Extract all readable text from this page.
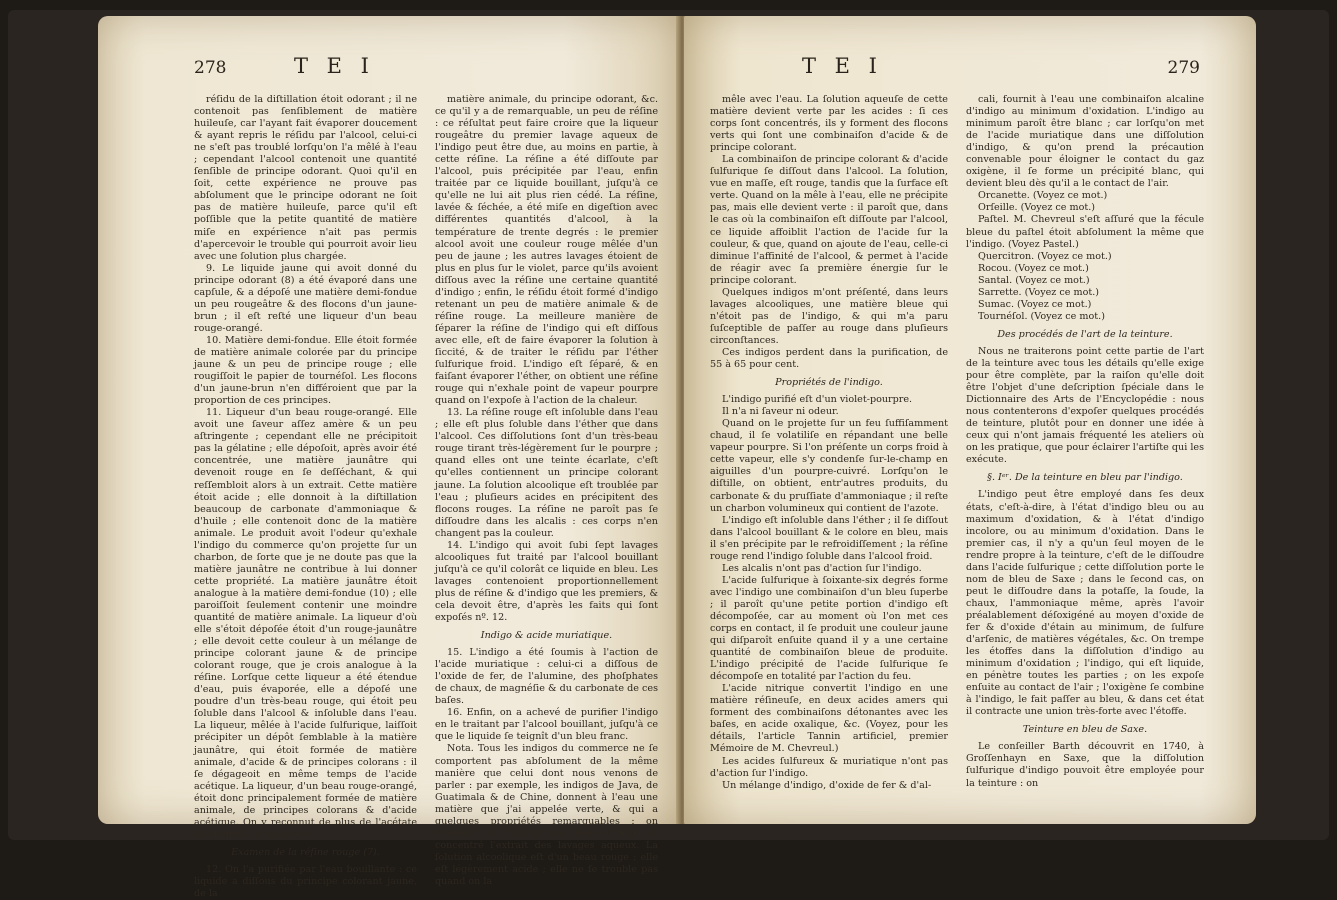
278	T E I

réſidu de la diſtillation étoit odorant ; il ne contenoit pas ſenſiblement de matière huileuſe, car l'ayant fait évaporer doucement & ayant repris le réſidu par l'alcool, celui-ci ne s'eſt pas troublé lorſqu'on l'a mêlé à l'eau ; cependant l'alcool contenoit une quantité ſenſible de principe odorant. Quoi qu'il en ſoit, cette expérience ne prouve pas abſolument que le principe odorant ne ſoit pas de matière huileuſe, parce qu'il eſt poſſible que la petite quantité de matière miſe en expérience n'ait pas permis d'apercevoir le trouble qui pourroit avoir lieu avec une ſolution plus chargée.

9. Le liquide jaune qui avoit donné du principe odorant (8) a été évaporé dans une capſule, & a dépoſé une matière demi-fondue un peu rougeâtre & des flocons d'un jaune-brun ; il eſt reſté une liqueur d'un beau rouge-orangé.

10. Matière demi-fondue. Elle étoit formée de matière animale colorée par du principe jaune & un peu de principe rouge ; elle rougiſſoit le papier de tournéſol. Les flocons d'un jaune-brun n'en différoient que par la proportion de ces principes.

11. Liqueur d'un beau rouge-orangé. Elle avoit une ſaveur aſſez amère & un peu aſtringente ; cependant elle ne précipitoit pas la gélatine ; elle dépoſoit, après avoir été concentrée, une matière jaunâtre qui devenoit rouge en ſe deſſéchant, & qui reſſembloit alors à un extrait. Cette matière étoit acide ; elle donnoit à la diſtillation beaucoup de carbonate d'ammoniaque & d'huile ; elle contenoit donc de la matière animale. Le produit avoit l'odeur qu'exhale l'indigo du commerce qu'on projette ſur un charbon, de ſorte que je ne doute pas que la matière jaunâtre ne contribue à lui donner cette propriété. La matière jaunâtre étoit analogue à la matière demi-fondue (10) ; elle paroiſſoit ſeulement contenir une moindre quantité de matière animale. La liqueur d'où elle s'étoit dépoſée étoit d'un rouge-jaunâtre ; elle devoit cette couleur à un mélange de principe colorant jaune & de principe colorant rouge, que je crois analogue à la réſine. Lorſque cette liqueur a été étendue d'eau, puis évaporée, elle a dépoſé une poudre d'un très-beau rouge, qui étoit peu ſoluble dans l'alcool & inſoluble dans l'eau. La liqueur, mêlée à l'acide ſulfurique, laiſſoit précipiter un dépôt ſemblable à la matière jaunâtre, qui étoit formée de matière animale, d'acide & de principes colorans : il ſe dégageoit en même temps de l'acide acétique. La liqueur, d'un beau rouge-orangé, étoit donc principalement formée de matière animale, de principes colorans & d'acide acétique. On y reconnut de plus de l'acétate de chaux & de magnéſie.

Examen de la réſine rouge (7).

12. On l'a purifiée par l'eau bouillante : ce liquide a diſſous du principe colorant jaune, de la

matière animale, du principe odorant, &c. ce qu'il y a de remarquable, un peu de réſine : ce réſultat peut faire croire que la liqueur rougeâtre du premier lavage aqueux de l'indigo peut être due, au moins en partie, à cette réſine. La réſine a été diſſoute par l'alcool, puis précipitée par l'eau, enfin traitée par ce liquide bouillant, juſqu'à ce qu'elle ne lui ait plus rien cédé. La réſine, lavée & ſéchée, a été miſe en digeſtion avec différentes quantités d'alcool, à la température de trente degrés : le premier alcool avoit une couleur rouge mêlée d'un peu de jaune ; les autres lavages étoient de plus en plus ſur le violet, parce qu'ils avoient diſſous avec la réſine une certaine quantité d'indigo ; enfin, le réſidu étoit formé d'indigo retenant un peu de matière animale & de réſine rouge. La meilleure manière de ſéparer la réſine de l'indigo qui eſt diſſous avec elle, eſt de faire évaporer la ſolution à ſiccité, & de traiter le réſidu par l'éther ſulfurique froid. L'indigo eſt ſéparé, & en faiſant évaporer l'éther, on obtient une réſine rouge qui n'exhale point de vapeur pourpre quand on l'expoſe à l'action de la chaleur.

13. La réſine rouge eſt inſoluble dans l'eau ; elle eſt plus ſoluble dans l'éther que dans l'alcool. Ces diſſolutions ſont d'un très-beau rouge tirant très-légèrement ſur le pourpre ; quand elles ont une teinte écarlate, c'eſt qu'elles contiennent un principe colorant jaune. La ſolution alcoolique eſt troublée par l'eau ; pluſieurs acides en précipitent des flocons rouges. La réſine ne paroît pas ſe diſſoudre dans les alcalis : ces corps n'en changent pas la couleur.

14. L'indigo qui avoit ſubi ſept lavages alcooliques fut traité par l'alcool bouillant juſqu'à ce qu'il colorât ce liquide en bleu. Les lavages contenoient proportionnellement plus de réſine & d'indigo que les premiers, & cela devoit être, d'après les faits qui ſont expoſés nº. 12.

Indigo & acide muriatique.

15. L'indigo a été ſoumis à l'action de l'acide muriatique : celui-ci a diſſous de l'oxide de fer, de l'alumine, des phoſphates de chaux, de magnéſie & du carbonate de ces baſes.

16. Enfin, on a achevé de purifier l'indigo en le traitant par l'alcool bouillant, juſqu'à ce que le liquide ſe teignît d'un bleu franc.

Nota. Tous les indigos du commerce ne ſe comportent pas abſolument de la même manière que celui dont nous venons de parler : par exemple, les indigos de Java, de Guatimala & de Chine, donnent à l'eau une matière que j'ai appelée verte, & qui a quelques propriétés remarquables : on l'obtient en traitant par l'alcool froid & concentré l'extrait des lavages aqueux. La ſolution alcoolique eſt d'un beau rouge ; elle eſt légèrement acide ; elle ne ſe trouble pas quand on la

T E I	279

mêle avec l'eau. La ſolution aqueuſe de cette matière devient verte par les acides : ſi ces corps ſont concentrés, ils y forment des flocons verts qui ſont une combinaiſon d'acide & de principe colorant.

La combinaiſon de principe colorant & d'acide ſulfurique ſe diſſout dans l'alcool. La ſolution, vue en maſſe, eſt rouge, tandis que la ſurface eſt verte. Quand on la mêle à l'eau, elle ne précipite pas, mais elle devient verte : il paroît que, dans le cas où la combinaiſon eſt diſſoute par l'alcool, ce liquide affoiblit l'action de l'acide ſur la couleur, & que, quand on ajoute de l'eau, celle-ci diminue l'affinité de l'alcool, & permet à l'acide de réagir avec ſa première énergie ſur le principe colorant.

Quelques indigos m'ont préſenté, dans leurs lavages alcooliques, une matière bleue qui n'étoit pas de l'indigo, & qui m'a paru ſuſceptible de paſſer au rouge dans pluſieurs circonſtances.

Ces indigos perdent dans la purification, de 55 à 65 pour cent.

Propriétés de l'indigo.

L'indigo purifié eſt d'un violet-pourpre.

Il n'a ni ſaveur ni odeur.

Quand on le projette ſur un feu ſuffiſamment chaud, il ſe volatiliſe en répandant une belle vapeur pourpre. Si l'on préſente un corps froid à cette vapeur, elle s'y condenſe ſur-le-champ en aiguilles d'un pourpre-cuivré. Lorſqu'on le diſtille, on obtient, entr'autres produits, du carbonate & du pruſſiate d'ammoniaque ; il reſte un charbon volumineux qui contient de l'azote.

L'indigo eſt inſoluble dans l'éther ; il ſe diſſout dans l'alcool bouillant & le colore en bleu, mais il s'en précipite par le refroidiſſement ; la réſine rouge rend l'indigo ſoluble dans l'alcool froid.

Les alcalis n'ont pas d'action ſur l'indigo.

L'acide ſulfurique à ſoixante-six degrés forme avec l'indigo une combinaiſon d'un bleu ſuperbe ; il paroît qu'une petite portion d'indigo eſt décompoſée, car au moment où l'on met ces corps en contact, il ſe produit une couleur jaune qui diſparoît enſuite quand il y a une certaine quantité de combinaiſon bleue de produite. L'indigo précipité de l'acide ſulfurique ſe décompoſe en totalité par l'action du feu.

L'acide nitrique convertit l'indigo en une matière réſineuſe, en deux acides amers qui forment des combinaiſons détonantes avec les baſes, en acide oxalique, &c. (Voyez, pour les détails, l'article Tannin artificiel, premier Mémoire de M. Chevreul.)

Les acides ſulfureux & muriatique n'ont pas d'action ſur l'indigo.

Un mélange d'indigo, d'oxide de fer & d'al-

cali, fournit à l'eau une combinaiſon alcaline d'indigo au minimum d'oxidation. L'indigo au minimum paroît être blanc ; car lorſqu'on met de l'acide muriatique dans une diſſolution d'indigo, & qu'on prend la précaution convenable pour éloigner le contact du gaz oxigène, il ſe forme un précipité blanc, qui devient bleu dès qu'il a le contact de l'air.

Orcanette. (Voyez ce mot.)

Orſeille. (Voyez ce mot.)

Paſtel. M. Chevreul s'eſt aſſuré que la fécule bleue du paſtel étoit abſolument la même que l'indigo. (Voyez Pastel.)

Quercitron. (Voyez ce mot.)

Rocou. (Voyez ce mot.)

Santal. (Voyez ce mot.)

Sarrette. (Voyez ce mot.)

Sumac. (Voyez ce mot.)

Tournéſol. (Voyez ce mot.)

Des procédés de l'art de la teinture.

Nous ne traiterons point cette partie de l'art de la teinture avec tous les détails qu'elle exige pour être complète, par la raiſon qu'elle doit être l'objet d'une deſcription ſpéciale dans le Dictionnaire des Arts de l'Encyclopédie : nous nous contenterons d'expoſer quelques procédés de teinture, plutôt pour en donner une idée à ceux qui n'ont jamais fréquenté les ateliers où on les pratique, que pour éclairer l'artiſte qui les exécute.

§. Iᵉʳ. De la teinture en bleu par l'indigo.

L'indigo peut être employé dans ſes deux états, c'eſt-à-dire, à l'état d'indigo bleu ou au maximum d'oxidation, & à l'état d'indigo incolore, ou au minimum d'oxidation. Dans le premier cas, il n'y a qu'un ſeul moyen de le rendre propre à la teinture, c'eſt de le diſſoudre dans l'acide ſulfurique ; cette diſſolution porte le nom de bleu de Saxe ; dans le ſecond cas, on peut le diſſoudre dans la potaſſe, la ſoude, la chaux, l'ammoniaque même, après l'avoir préalablement déſoxigéné au moyen d'oxide de fer & d'oxide d'étain au minimum, de ſulfure d'arſenic, de matières végétales, &c. On trempe les étoffes dans la diſſolution d'indigo au minimum d'oxidation ; l'indigo, qui eſt liquide, en pénètre toutes les parties ; on les expoſe enſuite au contact de l'air ; l'oxigène ſe combine à l'indigo, le fait paſſer au bleu, & dans cet état il contracte une union très-forte avec l'étoffe.

Teinture en bleu de Saxe.

Le conſeiller Barth découvrit en 1740, à Groſſenhayn en Saxe, que la diſſolution ſulfurique d'indigo pouvoit être employée pour la teinture : on
